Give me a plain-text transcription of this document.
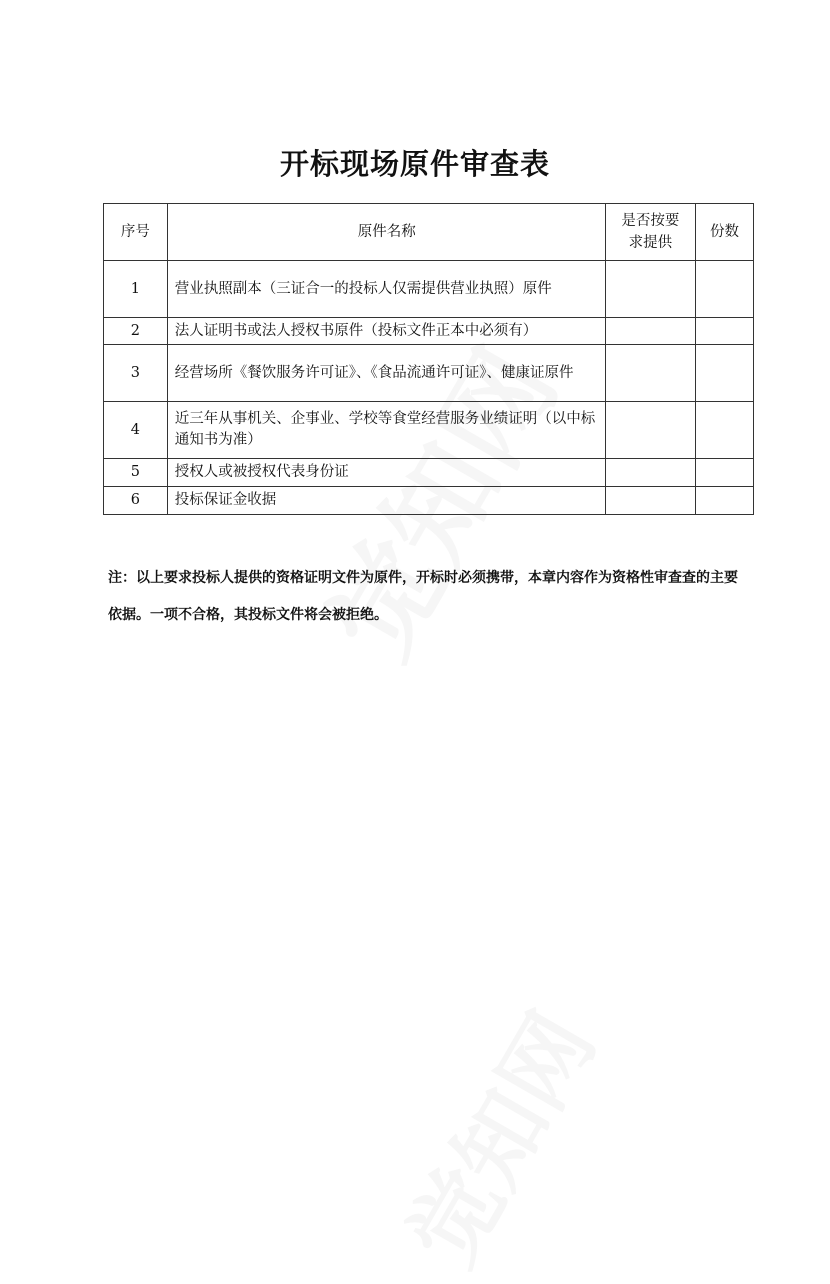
开标现场原件审查表
序号	原件名称	是否按要求提供	份数
1	营业执照副本（三证合一的投标人仅需提供营业执照）原件		
2	法人证明书或法人授权书原件（投标文件正本中必须有）		
3	经营场所《餐饮服务许可证》、《食品流通许可证》、健康证原件		
4	近三年从事机关、企事业、学校等食堂经营服务业绩证明（以中标通知书为准）		
5	授权人或被授权代表身份证		
6	投标保证金收据		
注：以上要求投标人提供的资格证明文件为原件，开标时必须携带，本章内容作为资格性审查查的主要依据。一项不合格，其投标文件将会被拒绝。
